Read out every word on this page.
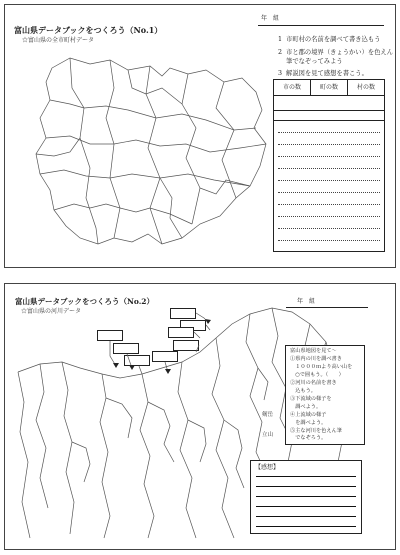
富山県データブックをつくろう（No.1）
☆富山県の全市町村データ
年　組
1 市町村の名前を調べて書き込もう
2 市と郡の境界（きょうかい）を色えん
筆でなぞってみよう
3 解説図を見て感想を書こう。
市の数	町の数	村の数
富山県データブックをつくろう（No.2）
☆富山県の河川データ
年　組
剱岳
立山
富山県地図を見て～
①県内の川を調べ書き
　１０００ｍより高い山を
　○で囲もう。（　　）
②河川の名前を書き
　込もう。
③下流域の様子を
　調べよう。
④上流域の様子
　を調べよう。
⑤主な河川を色えん筆
　でなぞろう。
【感想】
